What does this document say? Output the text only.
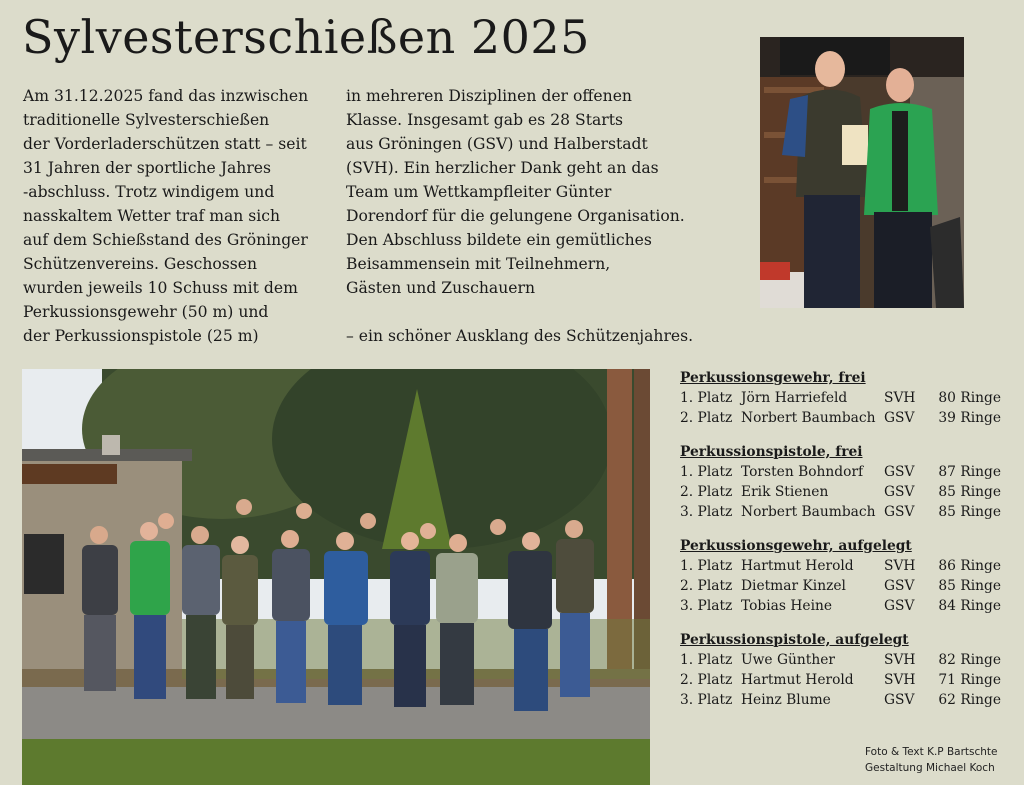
Sylvesterschießen 2025
Am 31.12.2025 fand das inzwischen
traditionelle Sylvesterschießen
der Vorderladerschützen statt – seit
31 Jahren der sportliche Jahres
-abschluss. Trotz windigem und
nasskaltem Wetter traf man sich
auf dem Schießstand des Gröninger
Schützenvereins. Geschossen
wurden jeweils 10 Schuss mit dem
Perkussionsgewehr (50 m) und
der Perkussionspistole (25 m)
in mehreren Disziplinen der offenen
Klasse. Insgesamt gab es 28 Starts
aus Gröningen (GSV) und Halberstadt
(SVH). Ein herzlicher Dank geht an das
Team um Wettkampfleiter Günter
Dorendorf für die gelungene Organisation.
Den Abschluss bildete ein gemütliches
Beisammensein mit Teilnehmern,
Gästen und Zuschauern

– ein schöner Ausklang des Schützenjahres.
Perkussionsgewehr, frei
1. Platz Jörn Harriefeld	SVH	80 Ringe
2. Platz Norbert Baumbach GSV	39 Ringe
Perkussionspistole, frei
1. Platz Torsten Bohndorf	GSV	87 Ringe
2. Platz Erik Stienen	GSV	85 Ringe
3. Platz Norbert Baumbach GSV	85 Ringe
Perkussionsgewehr, aufgelegt
1. Platz Hartmut Herold	SVH	86 Ringe
2. Platz Dietmar Kinzel	GSV	85 Ringe
3. Platz Tobias Heine	GSV	84 Ringe
Perkussionspistole, aufgelegt
1. Platz Uwe Günther	SVH	82 Ringe
2. Platz Hartmut Herold	SVH	71 Ringe
3. Platz Heinz Blume	GSV	62 Ringe
Foto & Text K.P Bartschte
Gestaltung Michael Koch
